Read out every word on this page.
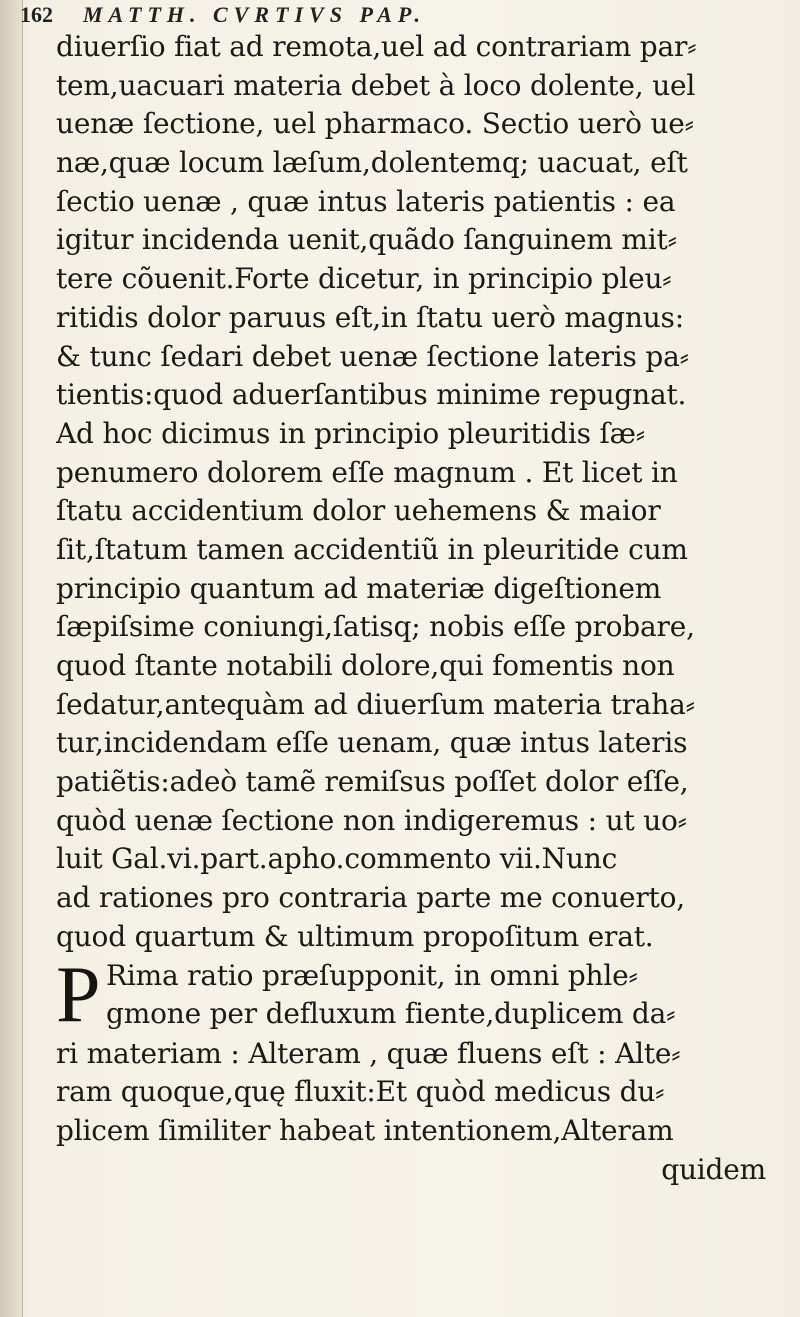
162 MATTH. CVRTIVS PAP.
diuerſio fiat ad remota,uel ad contrariam par⸗
tem,uacuari materia debet à loco dolente, uel
uenæ ſectione, uel pharmaco. Sectio uerò ue⸗
næ,quæ locum læſum,dolentemq; uacuat, eſt
ſectio uenæ , quæ intus lateris patientis : ea
igitur incidenda uenit,quãdo ſanguinem mit⸗
tere cõuenit.Forte dicetur, in principio pleu⸗
ritidis dolor paruus eſt,in ſtatu uerò magnus:
& tunc ſedari debet uenæ ſectione lateris pa⸗
tientis:quod aduerſantibus minime repugnat.
Ad hoc dicimus in principio pleuritidis ſæ⸗
penumero dolorem eſſe magnum . Et licet in
ſtatu accidentium dolor uehemens & maior
ſit,ſtatum tamen accidentiũ in pleuritide cum
principio quantum ad materiæ digeſtionem
ſæpiſsime coniungi,ſatisq; nobis eſſe probare,
quod ſtante notabili dolore,qui fomentis non
ſedatur,antequàm ad diuerſum materia traha⸗
tur,incidendam eſſe uenam, quæ intus lateris
patiẽtis:adeò tamẽ remiſsus poſſet dolor eſſe,
quòd uenæ ſectione non indigeremus : ut uo⸗
luit Gal.vi.part.apho.commento vii.Nunc
ad rationes pro contraria parte me conuerto,
quod quartum & ultimum propoſitum erat.
P Rima ratio præſupponit, in omni phle⸗
gmone per defluxum fiente,duplicem da⸗
ri materiam : Alteram , quæ fluens eſt : Alte⸗
ram quoque,quę fluxit:Et quòd medicus du⸗
plicem ſimiliter habeat intentionem,Alteram
quidem
